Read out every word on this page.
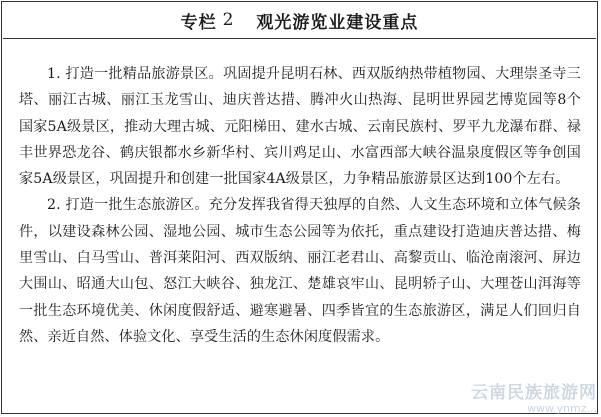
专栏 2 观光游览业建设重点

1. 打造一批精品旅游景区。巩固提升昆明石林、西双版纳热带植物园、大理崇圣寺三塔、丽江古城、丽江玉龙雪山、迪庆普达措、腾冲火山热海、昆明世界园艺博览园等8个国家5A级景区，推动大理古城、元阳梯田、建水古城、云南民族村、罗平九龙瀑布群、禄丰世界恐龙谷、鹤庆银都水乡新华村、宾川鸡足山、水富西部大峡谷温泉度假区等争创国家5A级景区，巩固提升和创建一批国家4A级景区，力争精品旅游景区达到100个左右。

2. 打造一批生态旅游区。充分发挥我省得天独厚的自然、人文生态环境和立体气候条件，以建设森林公园、湿地公园、城市生态公园等为依托，重点建设打造迪庆普达措、梅里雪山、白马雪山、普洱莱阳河、西双版纳、丽江老君山、高黎贡山、临沧南滚河、屏边大围山、昭通大山包、怒江大峡谷、独龙江、楚雄哀牢山、昆明轿子山、大理苍山洱海等一批生态环境优美、休闲度假舒适、避寒避暑、四季皆宜的生态旅游区，满足人们回归自然、亲近自然、体验文化、享受生活的生态休闲度假需求。

云南民族旅游网
www.ynmz...
